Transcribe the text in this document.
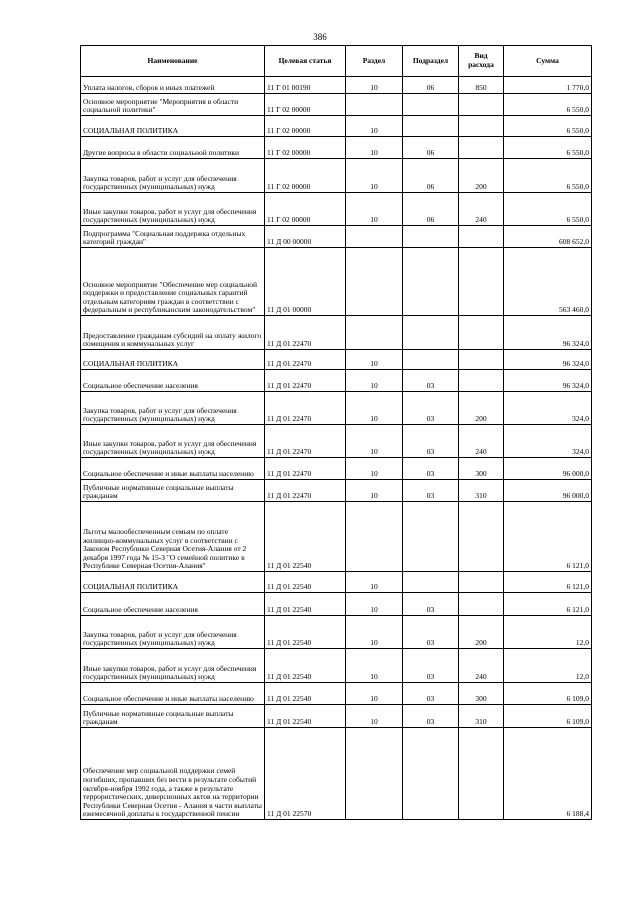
386
Наименование	Целевая статья	Раздел	Подраздел	Вид расхода	Сумма
Уплата налогов, сборов и иных платежей	11 Г 01 00190	10	06	850	1 770,0
Основное мероприятие "Мероприятия в области социальной политики"	11 Г 02 00000				6 550,0
СОЦИАЛЬНАЯ ПОЛИТИКА	11 Г 02 00000	10			6 550,0
Другие вопросы в области социальной политики	11 Г 02 00000	10	06		6 550,0
Закупка товаров, работ и услуг для обеспечения государственных (муниципальных) нужд	11 Г 02 00000	10	06	200	6 550,0
Иные закупки товаров, работ и услуг для обеспечения государственных (муниципальных) нужд	11 Г 02 00000	10	06	240	6 550,0
Подпрограмма "Социальная поддержка отдельных категорий граждан"	11 Д 00 00000				608 652,0
Основное мероприятие "Обеспечение мер социальной поддержки и предоставление социальных гарантий отдельным категориям граждан в соответствии с федеральным и республиканским законодательством"	11 Д 01 00000				563 460,0
Предоставление гражданам субсидий на оплату жилого помещения и коммунальных услуг	11 Д 01 22470				96 324,0
СОЦИАЛЬНАЯ ПОЛИТИКА	11 Д 01 22470	10			96 324,0
Социальное обеспечение населения	11 Д 01 22470	10	03		96 324,0
Закупка товаров, работ и услуг для обеспечения государственных (муниципальных) нужд	11 Д 01 22470	10	03	200	324,0
Иные закупки товаров, работ и услуг для обеспечения государственных (муниципальных) нужд	11 Д 01 22470	10	03	240	324,0
Социальное обеспечение и иные выплаты населению	11 Д 01 22470	10	03	300	96 000,0
Публичные нормативные социальные выплаты гражданам	11 Д 01 22470	10	03	310	96 000,0
Льготы малообеспеченным семьям по оплате жилищно-коммунальных услуг в соответствии с Законом Республики Северная Осетия-Алания от 2 декабря 1997 года № 15-З "О семейной политике в Республике Северная Осетия-Алания"	11 Д 01 22540				6 121,0
СОЦИАЛЬНАЯ ПОЛИТИКА	11 Д 01 22540	10			6 121,0
Социальное обеспечение населения	11 Д 01 22540	10	03		6 121,0
Закупка товаров, работ и услуг для обеспечения государственных (муниципальных) нужд	11 Д 01 22540	10	03	200	12,0
Иные закупки товаров, работ и услуг для обеспечения государственных (муниципальных) нужд	11 Д 01 22540	10	03	240	12,0
Социальное обеспечение и иные выплаты населению	11 Д 01 22540	10	03	300	6 109,0
Публичные нормативные социальные выплаты гражданам	11 Д 01 22540	10	03	310	6 109,0
Обеспечение мер социальной поддержки семей погибших, пропавших без вести в результате событий октября-ноября 1992 года, а также в результате террористических, диверсионных актов на территории Республики Северная Осетия - Алания в части выплаты ежемесячной доплаты к государственной пенсии	11 Д 01 22570				6 188,4
